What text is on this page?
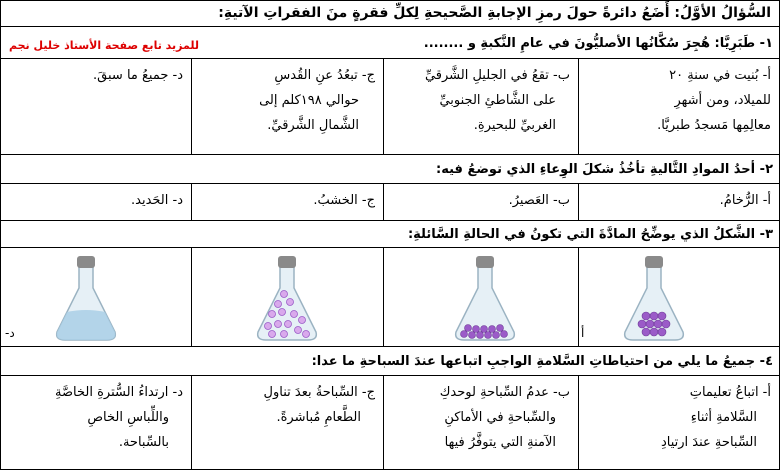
السُّؤالُ الأوَّلُ: أَضَعُ دائرةً حولَ رمزِ الإجابةِ الصَّحيحةِ لِكلِّ فقرةٍ منَ الفقراتِ الآتيةِ:
١- طَبَرِيَّا: هُجِرَ سُكَّانُها الأصليُّونَ في عامِ النَّكبةِ و ........
للمزيد تابع صفحة الأستاذ خليل نجم
أ- بُنيت في سنةِ ٢٠
للميلاد، ومن أشهرِ
معالِمِها مَسجدُ طبريَّا.
ب- تقعُ في الجليلِ الشَّرقيِّ
على الشَّاطئِ الجنوبيِّ
الغربيِّ للبحيرةِ.
ج- تبعُدُ عنِ القُدسِ
حوالي ١٩٨كلم إلى
الشَّمالِ الشَّرقيِّ.
د- جميعُ ما سبقَ.
٢- أحدُ الموادِ التَّاليةِ تأخُذُ شكلَ الوِعاءِ الذي توضعُ فيه:
أ- الرُّخامُ.
ب- العَصيرُ.
ج- الخشبُ.
د- الحَديد.
٣- الشَّكلُ الذي يوضِّحُ المادَّةَ التي تكونُ في الحالةِ السَّائلةِ:
أ
د-
٤- جميعُ ما يلي من احتياطاتِ السَّلامةِ الواجبِ اتباعها عندَ السباحةِ ما عدا:
أ- اتباعُ تعليماتِ
السَّلامةِ أثناءِ
السِّباحةِ عندَ ارتيادِ
ب- عدمُ السِّباحةِ لوحدكِ
والسِّباحةِ في الأماكنِ
الآمنةِ التي يتوفَّرُ فيها
ج- السِّباحةُ بعدَ تناولِ
الطَّعامِ مُباشرةً.
د- ارتداءُ السُّترةِ الخاصَّةِ
واللِّباسِ الخاصِ
بالسِّباحة.
